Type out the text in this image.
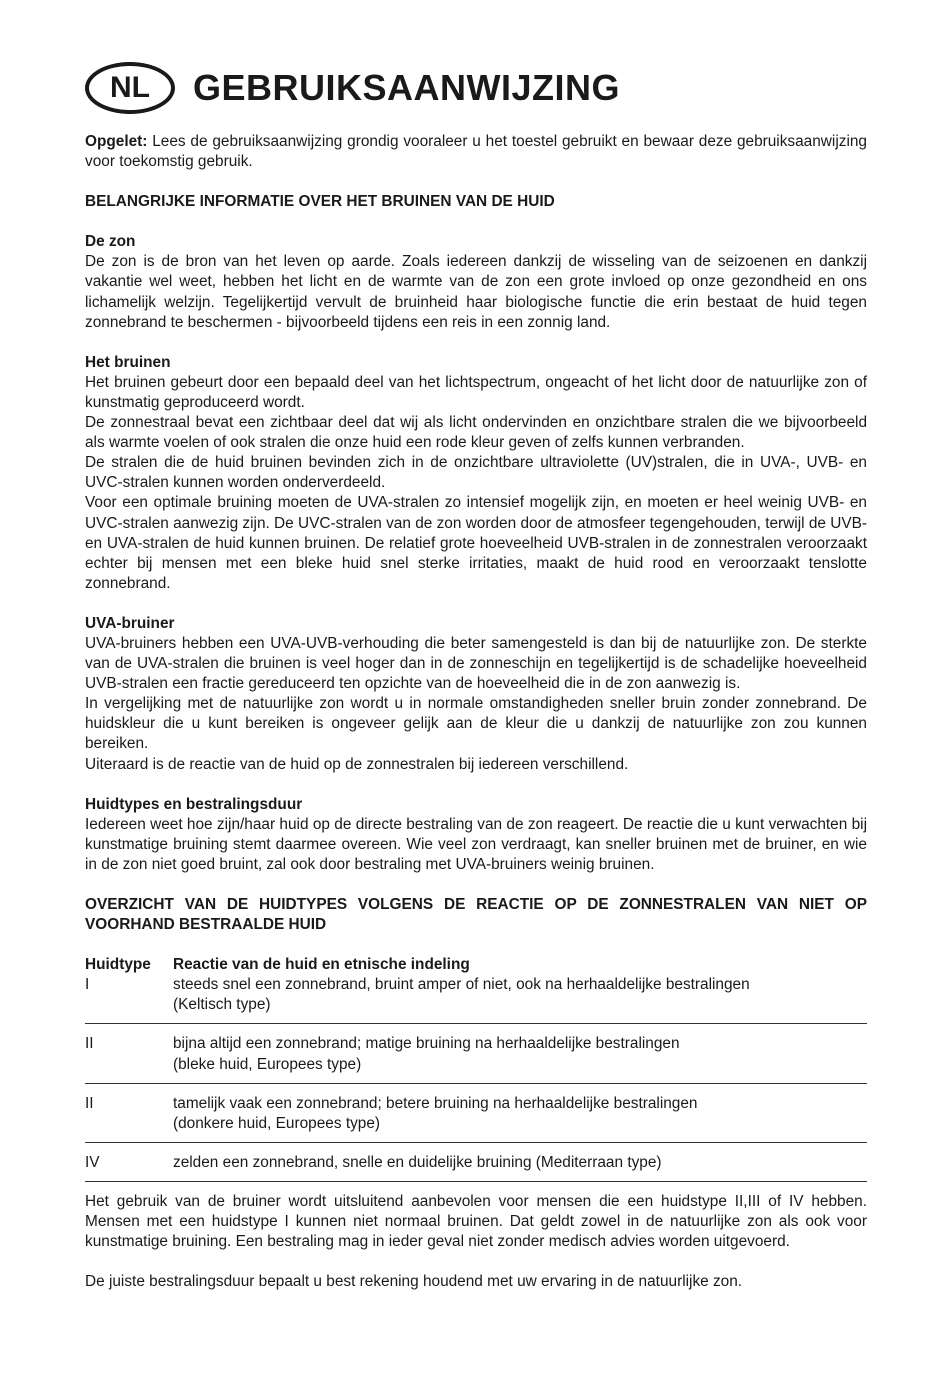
NL	GEBRUIKSAANWIJZING

Opgelet: Lees de gebruiksaanwijzing grondig vooraleer u het toestel gebruikt en bewaar deze gebruiksaanwijzing voor toekomstig gebruik.

BELANGRIJKE INFORMATIE OVER HET BRUINEN VAN DE HUID
De zon

De zon is de bron van het leven op aarde. Zoals iedereen dankzij de wisseling van de seizoenen en dankzij vakantie wel weet, hebben het licht en de warmte van de zon een grote invloed op onze gezondheid en ons lichamelijk welzijn. Tegelijkertijd vervult de bruinheid haar biologische functie die erin bestaat de huid tegen zonnebrand te beschermen - bijvoorbeeld tijdens een reis in een zonnig land.

Het bruinen

Het bruinen gebeurt door een bepaald deel van het lichtspectrum, ongeacht of het licht door de natuurlijke zon of kunstmatig geproduceerd wordt.

De zonnestraal bevat een zichtbaar deel dat wij als licht ondervinden en onzichtbare stralen die we bijvoorbeeld als warmte voelen of ook stralen die onze huid een rode kleur geven of zelfs kunnen verbranden.

De stralen die de huid bruinen bevinden zich in de onzichtbare ultraviolette (UV)stralen, die in UVA-, UVB- en UVC-stralen kunnen worden onderverdeeld.

Voor een optimale bruining moeten de UVA-stralen zo intensief mogelijk zijn, en moeten er heel weinig UVB- en UVC-stralen aanwezig zijn. De UVC-stralen van de zon worden door de atmosfeer tegengehouden, terwijl de UVB- en UVA-stralen de huid kunnen bruinen. De relatief grote hoeveelheid UVB-stralen in de zonnestralen veroorzaakt echter bij mensen met een bleke huid snel sterke irritaties, maakt de huid rood en veroorzaakt tenslotte zonnebrand.

UVA-bruiner

UVA-bruiners hebben een UVA-UVB-verhouding die beter samengesteld is dan bij de natuurlijke zon. De sterkte van de UVA-stralen die bruinen is veel hoger dan in de zonneschijn en tegelijkertijd is de schadelijke hoeveelheid UVB-stralen een fractie gereduceerd ten opzichte van de hoeveelheid die in de zon aanwezig is.

In vergelijking met de natuurlijke zon wordt u in normale omstandigheden sneller bruin zonder zonnebrand. De huidskleur die u kunt bereiken is ongeveer gelijk aan de kleur die u dankzij de natuurlijke zon zou kunnen bereiken.

Uiteraard is de reactie van de huid op de zonnestralen bij iedereen verschillend.

Huidtypes en bestralingsduur

Iedereen weet hoe zijn/haar huid op de directe bestraling van de zon reageert. De reactie die u kunt verwachten bij kunstmatige bruining stemt daarmee overeen. Wie veel zon verdraagt, kan sneller bruinen met de bruiner, en wie in de zon niet goed bruint, zal ook door bestraling met UVA-bruiners weinig bruinen.

OVERZICHT VAN DE HUIDTYPES VOLGENS DE REACTIE OP DE ZONNESTRALEN VAN NIET OP VOORHAND BESTRAALDE HUID
Huidtype	Reactie van de huid en etnische indeling
I	steeds snel een zonnebrand, bruint amper of niet, ook na herhaaldelijke bestralingen
(Keltisch type)

II	bijna altijd een zonnebrand; matige bruining na herhaaldelijke bestralingen
(bleke huid, Europees type)

II	tamelijk vaak een zonnebrand; betere bruining na herhaaldelijke bestralingen
(donkere huid, Europees type)

IV	zelden een zonnebrand, snelle en duidelijke bruining (Mediterraan type)

Het gebruik van de bruiner wordt uitsluitend aanbevolen voor mensen die een huidstype II,III of IV hebben. Mensen met een huidstype I kunnen niet normaal bruinen. Dat geldt zowel in de natuurlijke zon als ook voor kunstmatige bruining. Een bestraling mag in ieder geval niet zonder medisch advies worden uitgevoerd.

De juiste bestralingsduur bepaalt u best rekening houdend met uw ervaring in de natuurlijke zon.
